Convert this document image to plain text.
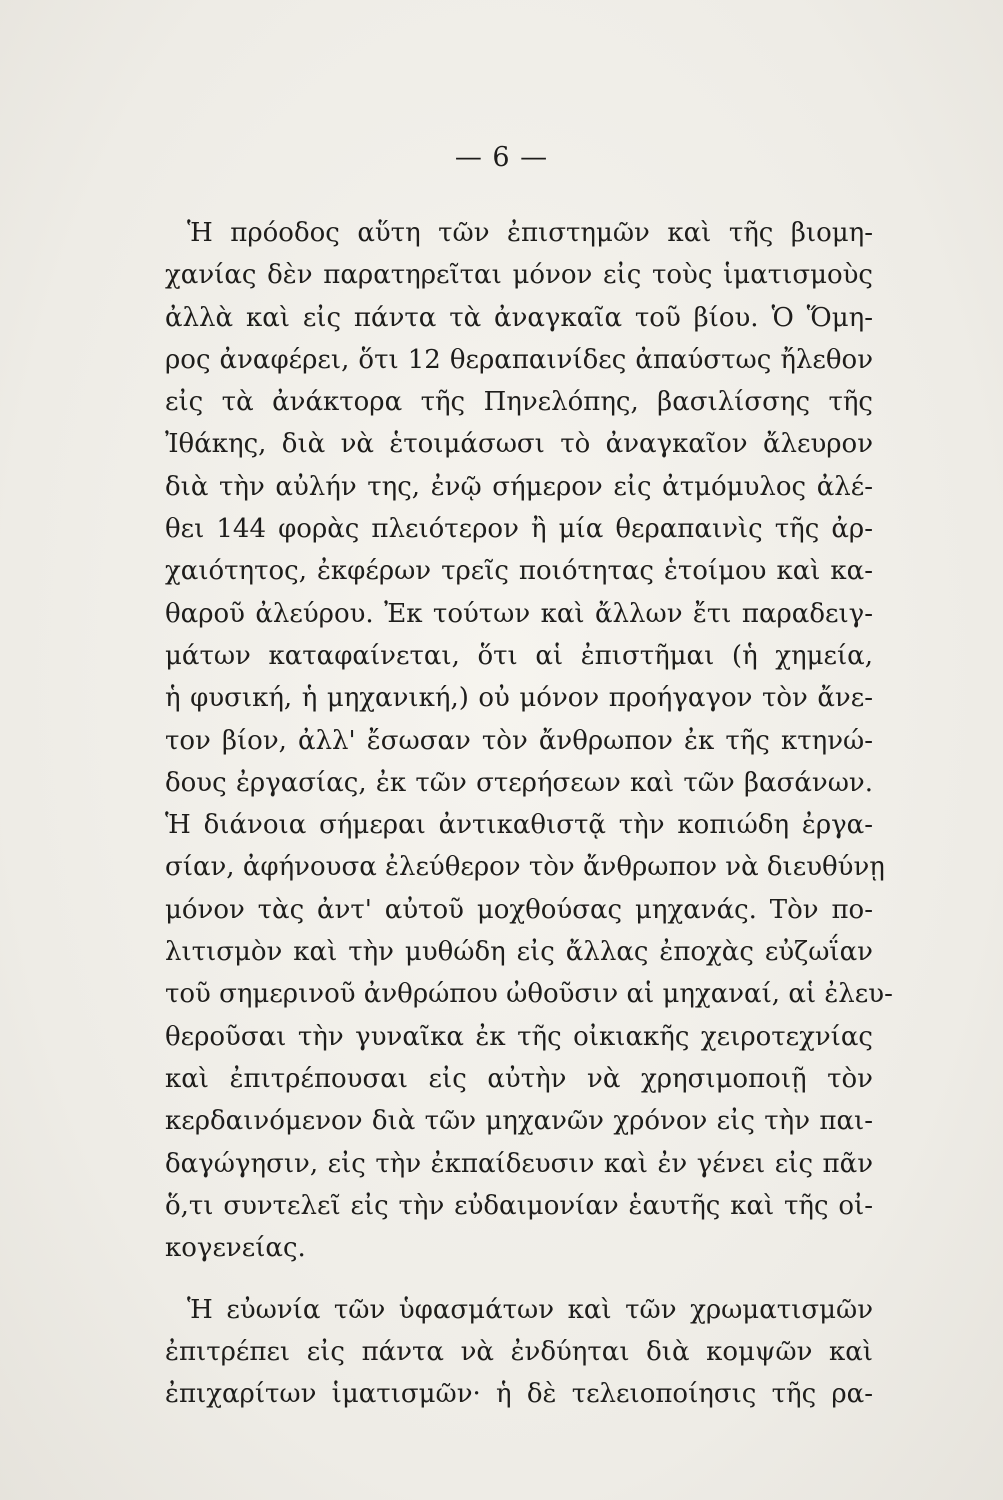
— 6 —
Ἡ πρόοδος αὕτη τῶν ἐπιστημῶν καὶ τῆς βιομη-
χανίας δὲν παρατηρεῖται μόνον εἰς τοὺς ἱματισμοὺς
ἀλλὰ καὶ εἰς πάντα τὰ ἀναγκαῖα τοῦ βίου. Ὁ Ὅμη-
ρος ἀναφέρει, ὅτι 12 θεραπαινίδες ἀπαύστως ἤλεθον
εἰς τὰ ἀνάκτορα τῆς Πηνελόπης, βασιλίσσης τῆς
Ἰθάκης, διὰ νὰ ἑτοιμάσωσι τὸ ἀναγκαῖον ἄλευρον
διὰ τὴν αὐλήν της, ἐνῷ σήμερον εἰς ἀτμόμυλος ἀλέ-
θει 144 φορὰς πλειότερον ἢ μία θεραπαινὶς τῆς ἀρ-
χαιότητος, ἐκφέρων τρεῖς ποιότητας ἑτοίμου καὶ κα-
θαροῦ ἀλεύρου. Ἐκ τούτων καὶ ἄλλων ἔτι παραδειγ-
μάτων καταφαίνεται, ὅτι αἱ ἐπιστῆμαι (ἡ χημεία,
ἡ φυσική, ἡ μηχανική,) οὐ μόνον προήγαγον τὸν ἄνε-
τον βίον, ἀλλ' ἔσωσαν τὸν ἄνθρωπον ἐκ τῆς κτηνώ-
δους ἐργασίας, ἐκ τῶν στερήσεων καὶ τῶν βασάνων.
Ἡ διάνοια σήμεραι ἀντικαθιστᾷ τὴν κοπιώδη ἐργα-
σίαν, ἀφήνουσα ἐλεύθερον τὸν ἄνθρωπον νὰ διευθύνῃ
μόνον τὰς ἀντ' αὐτοῦ μοχθούσας μηχανάς. Τὸν πο-
λιτισμὸν καὶ τὴν μυθώδη εἰς ἄλλας ἐποχὰς εὐζωΐαν
τοῦ σημερινοῦ ἀνθρώπου ὠθοῦσιν αἱ μηχαναί, αἱ ἐλευ-
θεροῦσαι τὴν γυναῖκα ἐκ τῆς οἰκιακῆς χειροτεχνίας
καὶ ἐπιτρέπουσαι εἰς αὐτὴν νὰ χρησιμοποιῇ τὸν
κερδαινόμενον διὰ τῶν μηχανῶν χρόνον εἰς τὴν παι-
δαγώγησιν, εἰς τὴν ἐκπαίδευσιν καὶ ἐν γένει εἰς πᾶν
ὅ,τι συντελεῖ εἰς τὴν εὐδαιμονίαν ἑαυτῆς καὶ τῆς οἰ-
κογενείας.
Ἡ εὐωνία τῶν ὑφασμάτων καὶ τῶν χρωματισμῶν
ἐπιτρέπει εἰς πάντα νὰ ἐνδύηται διὰ κομψῶν καὶ
ἐπιχαρίτων ἱματισμῶν· ἡ δὲ τελειοποίησις τῆς ρα-
